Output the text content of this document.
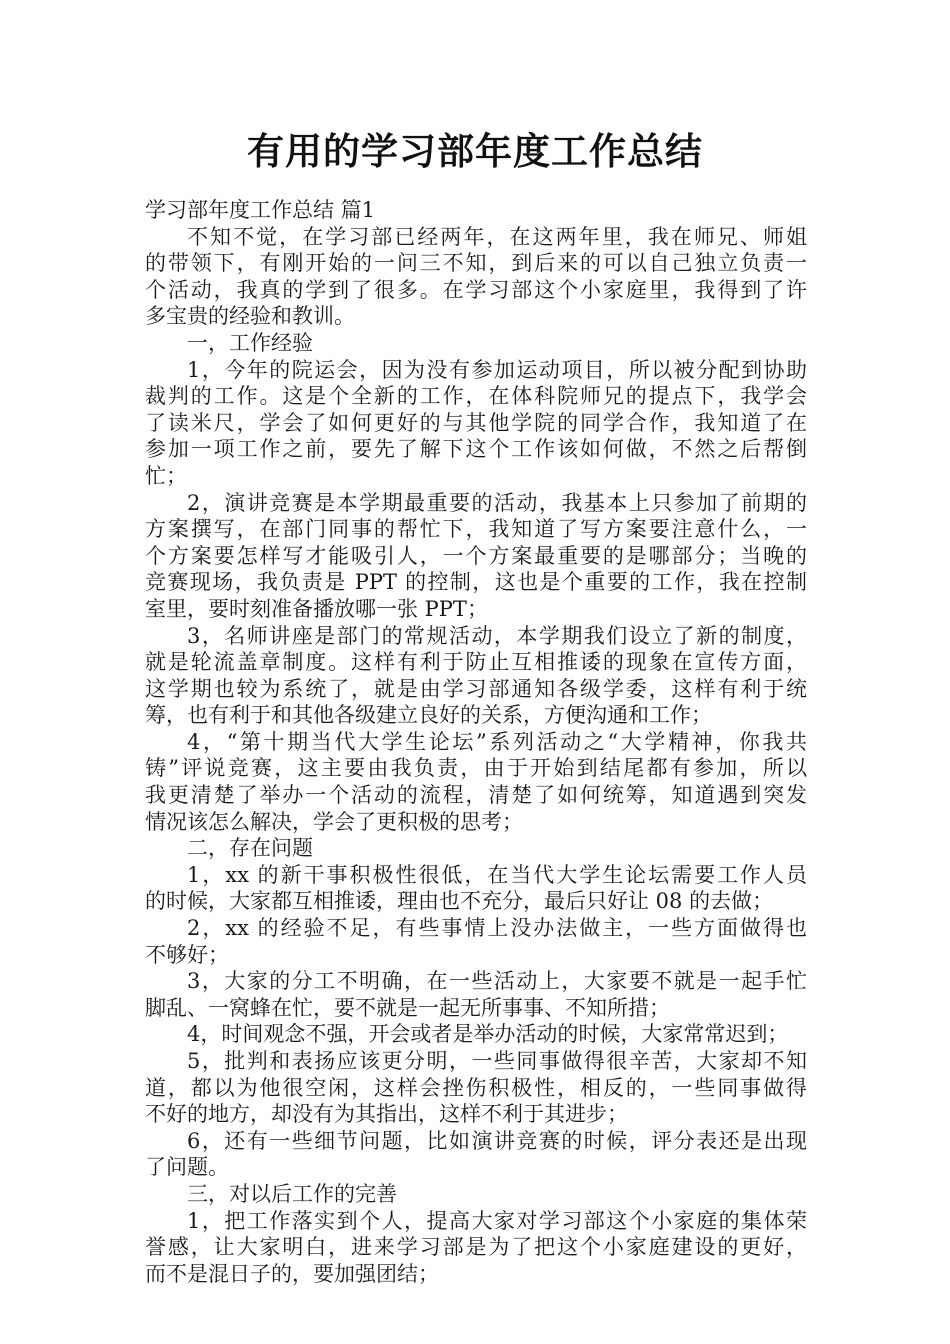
有用的学习部年度工作总结
学习部年度工作总结 篇1
不知不觉，在学习部已经两年，在这两年里，我在师兄、师姐
的带领下，有刚开始的一问三不知，到后来的可以自己独立负责一
个活动，我真的学到了很多。在学习部这个小家庭里，我得到了许
多宝贵的经验和教训。
一，工作经验
1，今年的院运会，因为没有参加运动项目，所以被分配到协助
裁判的工作。这是个全新的工作，在体科院师兄的提点下，我学会
了读米尺，学会了如何更好的与其他学院的同学合作，我知道了在
参加一项工作之前，要先了解下这个工作该如何做，不然之后帮倒
忙；
2，演讲竞赛是本学期最重要的活动，我基本上只参加了前期的
方案撰写，在部门同事的帮忙下，我知道了写方案要注意什么，一
个方案要怎样写才能吸引人，一个方案最重要的是哪部分；当晚的
竞赛现场，我负责是 PPT 的控制，这也是个重要的工作，我在控制
室里，要时刻准备播放哪一张 PPT；
3，名师讲座是部门的常规活动，本学期我们设立了新的制度，
就是轮流盖章制度。这样有利于防止互相推诿的现象在宣传方面，
这学期也较为系统了，就是由学习部通知各级学委，这样有利于统
筹，也有利于和其他各级建立良好的关系，方便沟通和工作；
4，“第十期当代大学生论坛”系列活动之“大学精神，你我共
铸”评说竞赛，这主要由我负责，由于开始到结尾都有参加，所以
我更清楚了举办一个活动的流程，清楚了如何统筹，知道遇到突发
情况该怎么解决，学会了更积极的思考；
二，存在问题
1，xx 的新干事积极性很低，在当代大学生论坛需要工作人员
的时候，大家都互相推诿，理由也不充分，最后只好让 08 的去做；
2，xx 的经验不足，有些事情上没办法做主，一些方面做得也
不够好；
3，大家的分工不明确，在一些活动上，大家要不就是一起手忙
脚乱、一窝蜂在忙，要不就是一起无所事事、不知所措；
4，时间观念不强，开会或者是举办活动的时候，大家常常迟到；
5，批判和表扬应该更分明，一些同事做得很辛苦，大家却不知
道，都以为他很空闲，这样会挫伤积极性，相反的，一些同事做得
不好的地方，却没有为其指出，这样不利于其进步；
6，还有一些细节问题，比如演讲竞赛的时候，评分表还是出现
了问题。
三，对以后工作的完善
1，把工作落实到个人，提高大家对学习部这个小家庭的集体荣
誉感，让大家明白，进来学习部是为了把这个小家庭建设的更好，
而不是混日子的，要加强团结；
